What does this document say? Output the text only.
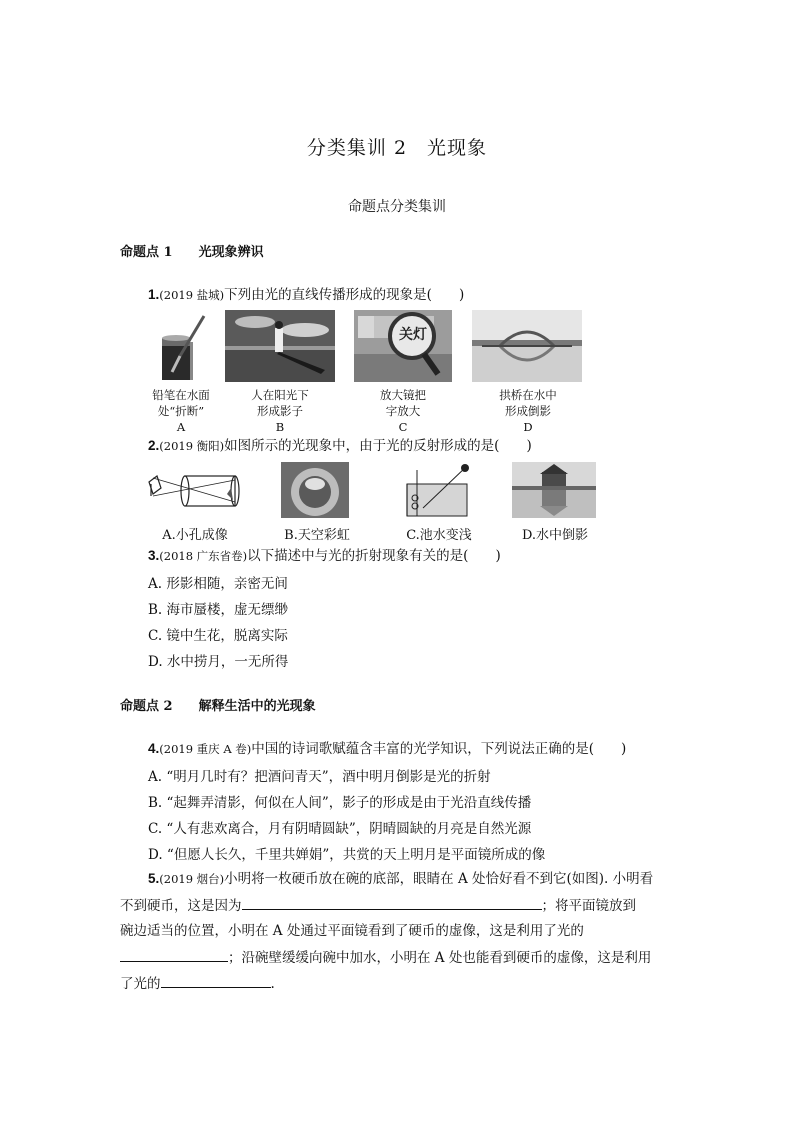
分类集训 2　光现象
命题点分类集训
命题点 1 光现象辨识
1.(2019 盐城)下列由光的直线传播形成的现象是(　　)
关灯
铅笔在水面
处“折断”
A
人在阳光下
形成影子
B
放大镜把
字放大
C
拱桥在水中
形成倒影
D
2.(2019 衡阳)如图所示的光现象中，由于光的反射形成的是(　　)
A.小孔成像	B.天空彩虹	C.池水变浅	D.水中倒影
3.(2018 广东省卷)以下描述中与光的折射现象有关的是(　　)
A. 形影相随，亲密无间
B. 海市蜃楼，虚无缥缈
C. 镜中生花，脱离实际
D. 水中捞月，一无所得
命题点 2 解释生活中的光现象
4.(2019 重庆 A 卷)中国的诗词歌赋蕴含丰富的光学知识，下列说法正确的是(　　)
A. “明月几时有？把酒问青天”，酒中明月倒影是光的折射
B. “起舞弄清影，何似在人间”，影子的形成是由于光沿直线传播
C. “人有悲欢离合，月有阴晴圆缺”，阴晴圆缺的月亮是自然光源
D. “但愿人长久，千里共婵娟”，共赏的天上明月是平面镜所成的像
5.(2019 烟台)小明将一枚硬币放在碗的底部，眼睛在 A 处恰好看不到它(如图). 小明看
不到硬币，这是因为	；将平面镜放到
碗边适当的位置，小明在 A 处通过平面镜看到了硬币的虚像，这是利用了光的
；沿碗壁缓缓向碗中加水，小明在 A 处也能看到硬币的虚像，这是利用
了光的	.
